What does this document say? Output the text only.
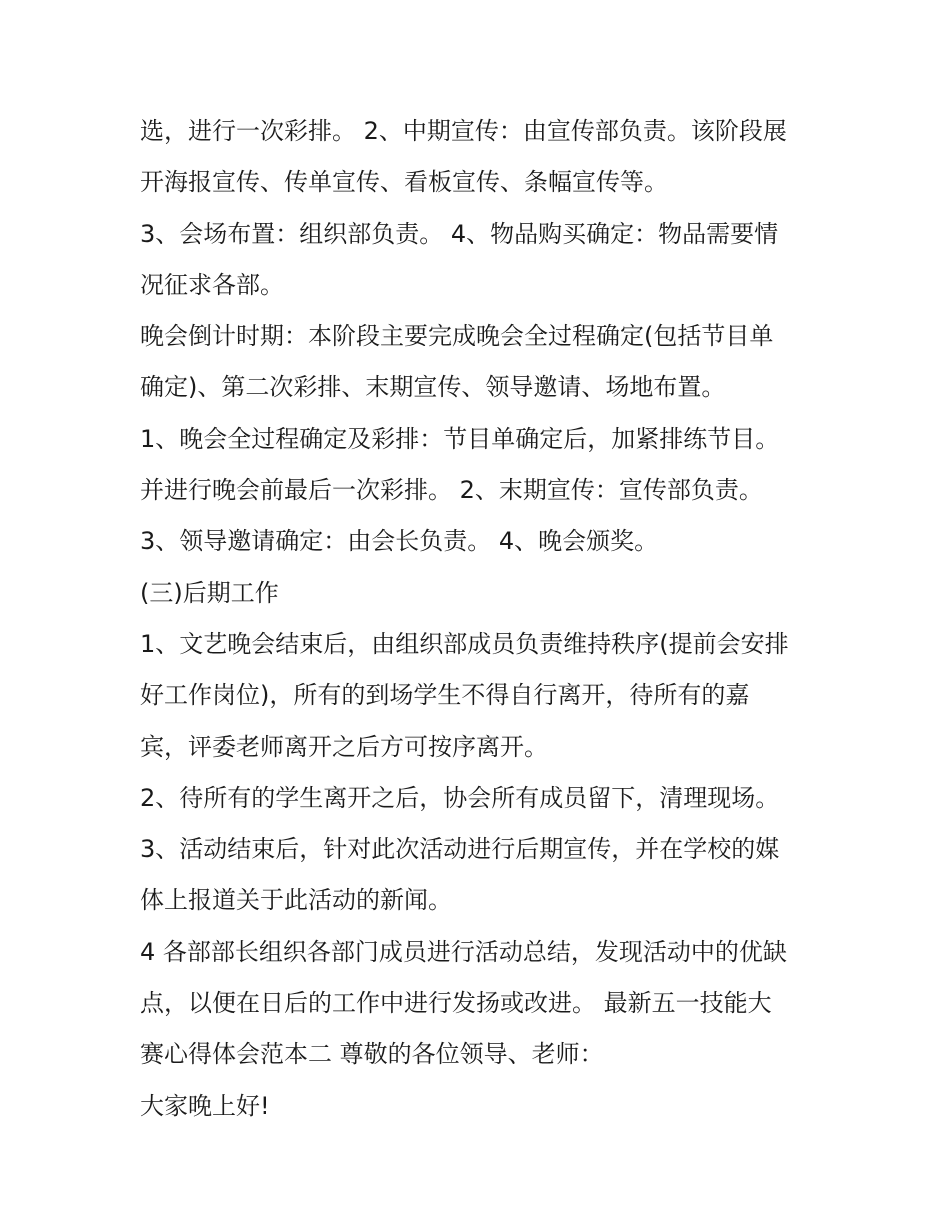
选，进行一次彩排。 2、中期宣传：由宣传部负责。该阶段展
开海报宣传、传单宣传、看板宣传、条幅宣传等。
3、会场布置：组织部负责。 4、物品购买确定：物品需要情
况征求各部。
晚会倒计时期：本阶段主要完成晚会全过程确定(包括节目单
确定)、第二次彩排、末期宣传、领导邀请、场地布置。
1、晚会全过程确定及彩排：节目单确定后，加紧排练节目。
并进行晚会前最后一次彩排。 2、末期宣传：宣传部负责。
3、领导邀请确定：由会长负责。 4、晚会颁奖。
(三)后期工作
1、文艺晚会结束后，由组织部成员负责维持秩序(提前会安排
好工作岗位)，所有的到场学生不得自行离开，待所有的嘉
宾，评委老师离开之后方可按序离开。
2、待所有的学生离开之后，协会所有成员留下，清理现场。
3、活动结束后，针对此次活动进行后期宣传，并在学校的媒
体上报道关于此活动的新闻。
4 各部部长组织各部门成员进行活动总结，发现活动中的优缺
点，以便在日后的工作中进行发扬或改进。 最新五一技能大
赛心得体会范本二 尊敬的各位领导、老师：
大家晚上好!
